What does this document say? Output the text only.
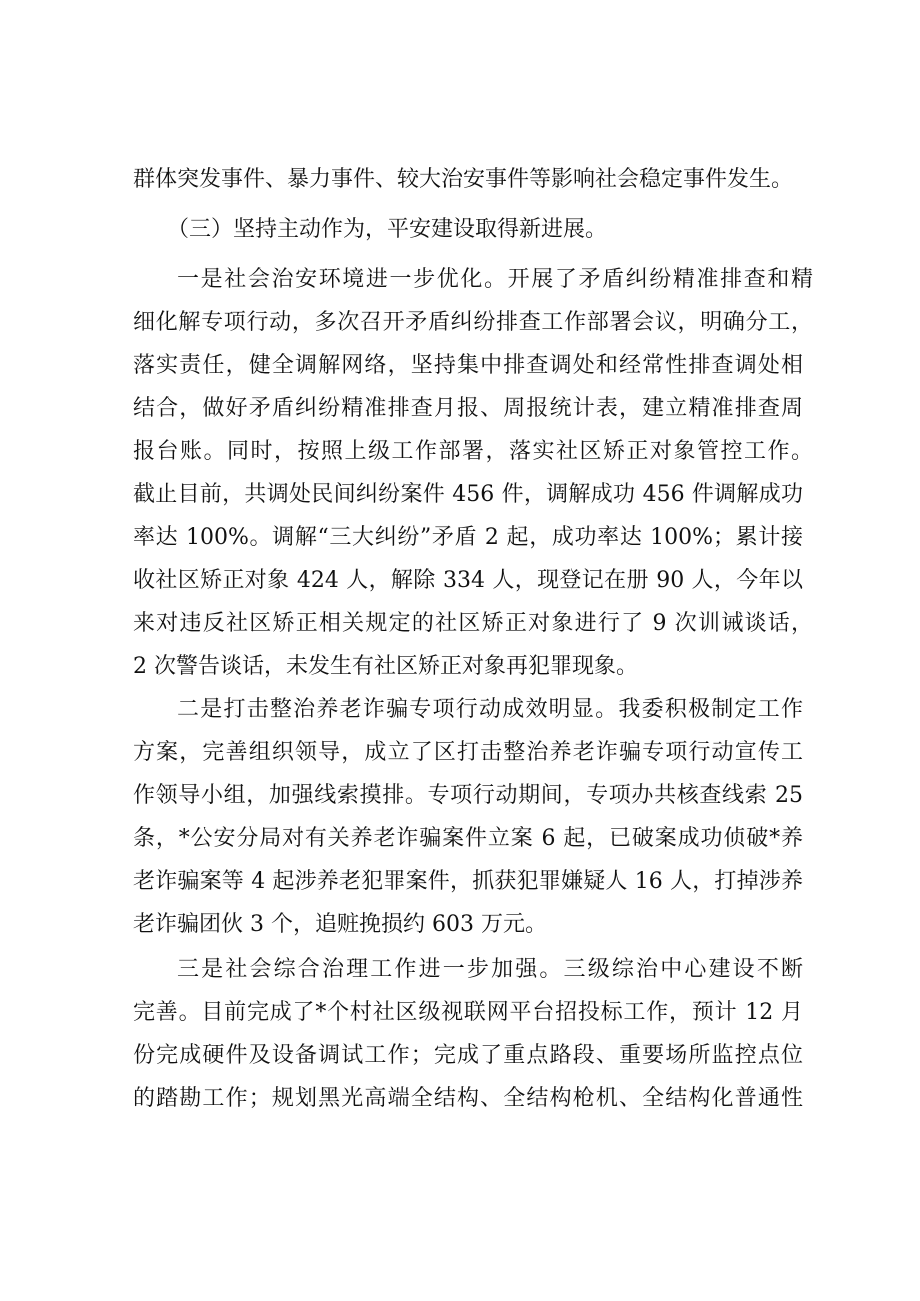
群体突发事件、暴力事件、较大治安事件等影响社会稳定事件发生。
（三）坚持主动作为，平安建设取得新进展。
一是社会治安环境进一步优化。开展了矛盾纠纷精准排查和精
细化解专项行动，多次召开矛盾纠纷排查工作部署会议，明确分工，
落实责任，健全调解网络，坚持集中排查调处和经常性排查调处相
结合，做好矛盾纠纷精准排查月报、周报统计表，建立精准排查周
报台账。同时，按照上级工作部署，落实社区矫正对象管控工作。
截止目前，共调处民间纠纷案件 456 件，调解成功 456 件调解成功
率达 100%。调解“三大纠纷”矛盾 2 起，成功率达 100%；累计接
收社区矫正对象 424 人，解除 334 人，现登记在册 90 人，今年以
来对违反社区矫正相关规定的社区矫正对象进行了 9 次训诫谈话，
2 次警告谈话，未发生有社区矫正对象再犯罪现象。
二是打击整治养老诈骗专项行动成效明显。我委积极制定工作
方案，完善组织领导，成立了区打击整治养老诈骗专项行动宣传工
作领导小组，加强线索摸排。专项行动期间，专项办共核查线索 25
条，*公安分局对有关养老诈骗案件立案 6 起，已破案成功侦破*养
老诈骗案等 4 起涉养老犯罪案件，抓获犯罪嫌疑人 16 人，打掉涉养
老诈骗团伙 3 个，追赃挽损约 603 万元。
三是社会综合治理工作进一步加强。三级综治中心建设不断
完善。目前完成了*个村社区级视联网平台招投标工作，预计 12 月
份完成硬件及设备调试工作；完成了重点路段、重要场所监控点位
的踏勘工作；规划黑光高端全结构、全结构枪机、全结构化普通性
